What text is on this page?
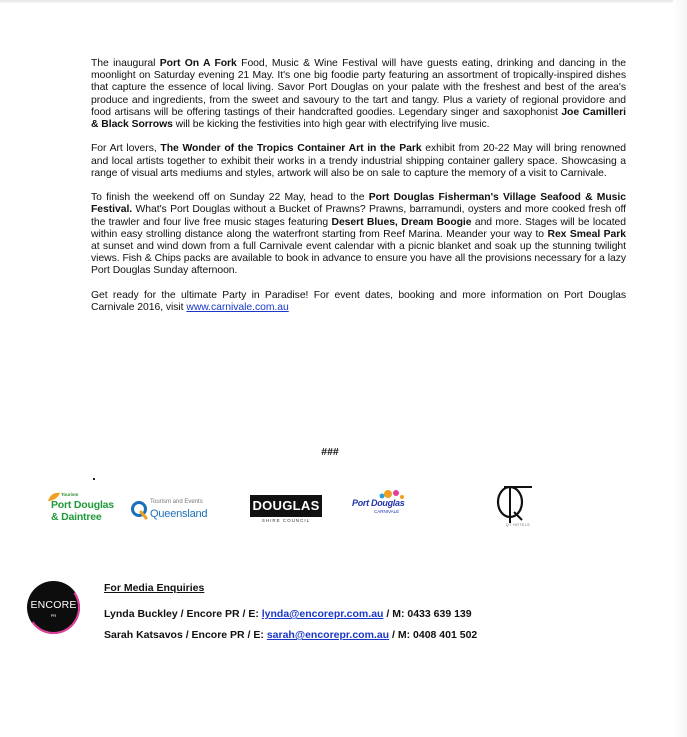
The inaugural Port On A Fork Food, Music & Wine Festival will have guests eating, drinking and dancing in the moonlight on Saturday evening 21 May. It's one big foodie party featuring an assortment of tropically-inspired dishes that capture the essence of local living. Savor Port Douglas on your palate with the freshest and best of the area's produce and ingredients, from the sweet and savoury to the tart and tangy. Plus a variety of regional providore and food artisans will be offering tastings of their handcrafted goodies. Legendary singer and saxophonist Joe Camilleri & Black Sorrows will be kicking the festivities into high gear with electrifying live music.

For Art lovers, The Wonder of the Tropics Container Art in the Park exhibit from 20-22 May will bring renowned and local artists together to exhibit their works in a trendy industrial shipping container gallery space. Showcasing a range of visual arts mediums and styles, artwork will also be on sale to capture the memory of a visit to Carnivale.

To finish the weekend off on Sunday 22 May, head to the Port Douglas Fisherman's Village Seafood & Music Festival. What's Port Douglas without a Bucket of Prawns? Prawns, barramundi, oysters and more cooked fresh off the trawler and four live free music stages featuring Desert Blues, Dream Boogie and more. Stages will be located within easy strolling distance along the waterfront starting from Reef Marina. Meander your way to Rex Smeal Park at sunset and wind down from a full Carnivale event calendar with a picnic blanket and soak up the stunning twilight views. Fish & Chips packs are available to book in advance to ensure you have all the provisions necessary for a lazy Port Douglas Sunday afternoon.

Get ready for the ultimate Party in Paradise! For event dates, booking and more information on Port Douglas Carnivale 2016, visit www.carnivale.com.au

###
Tourism
Port Douglas
& Daintree
Tourism and Events
Queensland
DOUGLAS
SHIRE COUNCIL
Port Douglas
CARNIVALE
QT HOTELS
ENCORE
PR
For Media Enquiries
Lynda Buckley / Encore PR / E: lynda@encorepr.com.au / M: 0433 639 139
Sarah Katsavos / Encore PR / E: sarah@encorepr.com.au / M: 0408 401 502
